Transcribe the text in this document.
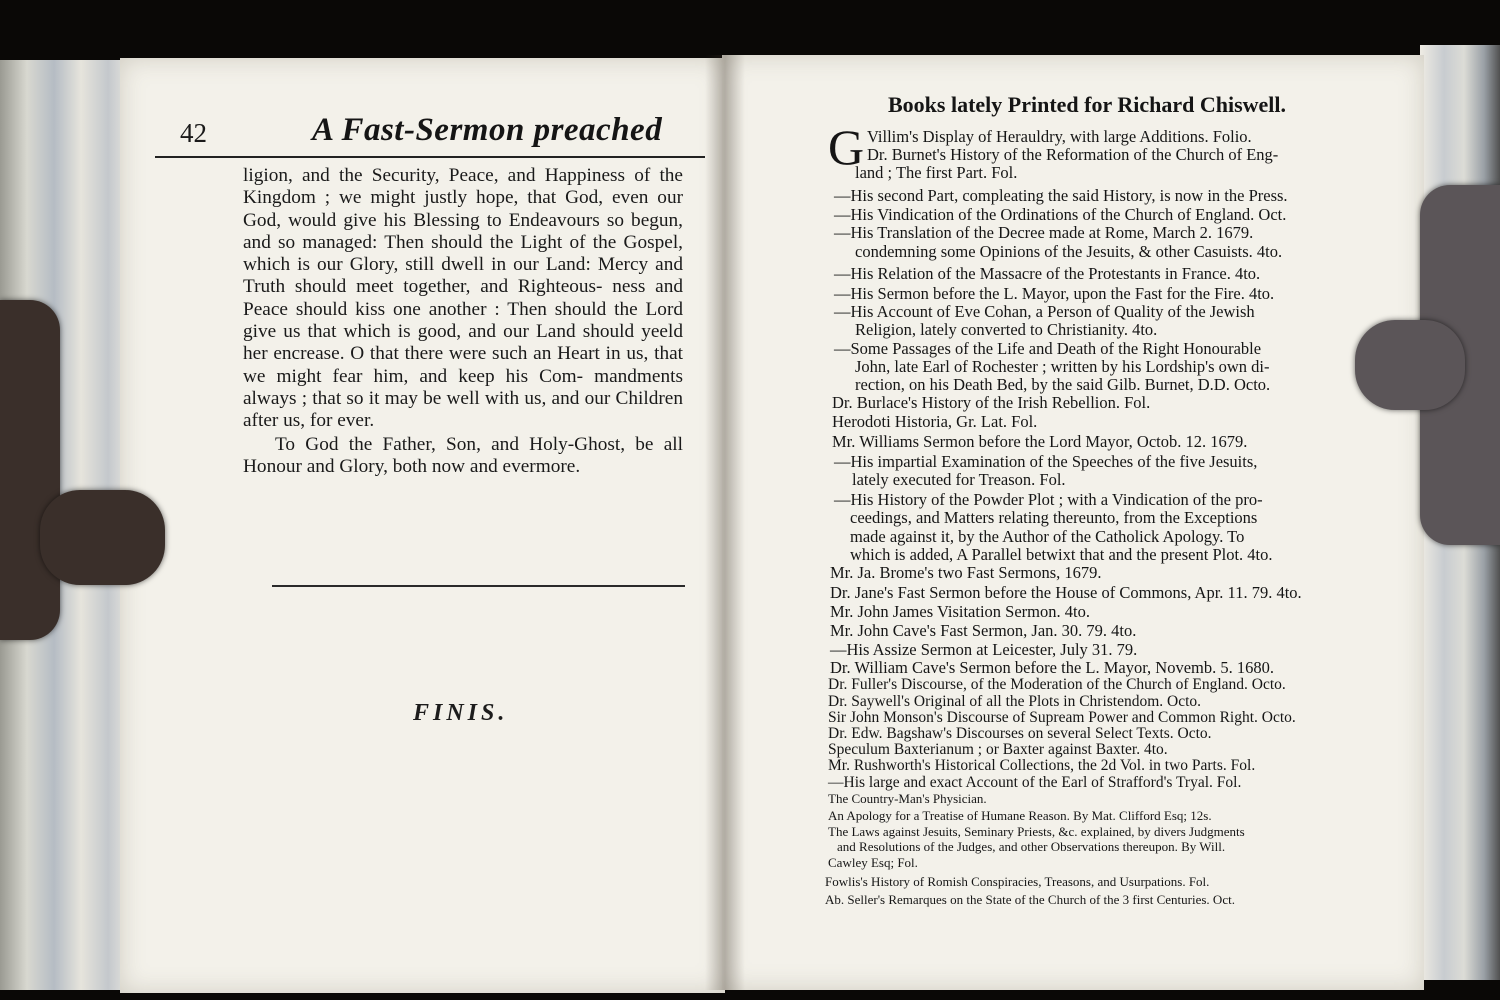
42	A Fast-Sermon preached

ligion, and the Security, Peace, and Happiness of the Kingdom ; we might justly hope, that God, even our God, would give his Blessing to Endeavours so begun, and so managed: Then should the Light of the Gospel, which is our Glory, still dwell in our Land: Mercy and Truth should meet together, and Righteous- ness and Peace should kiss one another : Then should the Lord give us that which is good, and our Land should yeeld her encrease. O that there were such an Heart in us, that we might fear him, and keep his Com- mandments always ; that so it may be well with us, and our Children after us, for ever.

To God the Father, Son, and Holy-Ghost, be all Honour and Glory, both now and evermore.

FINIS.
Books lately Printed for Richard Chiswell.
G Villim's Display of Herauldry, with large Additions. Folio.
Dr. Burnet's History of the Reformation of the Church of Eng-
land ; The first Part. Fol.
—His second Part, compleating the said History, is now in the Press.
—His Vindication of the Ordinations of the Church of England. Oct.
—His Translation of the Decree made at Rome, March 2. 1679.
condemning some Opinions of the Jesuits, & other Casuists. 4to.
—His Relation of the Massacre of the Protestants in France. 4to.
—His Sermon before the L. Mayor, upon the Fast for the Fire. 4to.
—His Account of Eve Cohan, a Person of Quality of the Jewish
Religion, lately converted to Christianity. 4to.
—Some Passages of the Life and Death of the Right Honourable
John, late Earl of Rochester ; written by his Lordship's own di-
rection, on his Death Bed, by the said Gilb. Burnet, D.D. Octo.
Dr. Burlace's History of the Irish Rebellion. Fol.
Herodoti Historia, Gr. Lat. Fol.
Mr. Williams Sermon before the Lord Mayor, Octob. 12. 1679.
—His impartial Examination of the Speeches of the five Jesuits,
lately executed for Treason. Fol.
—His History of the Powder Plot ; with a Vindication of the pro-
ceedings, and Matters relating thereunto, from the Exceptions
made against it, by the Author of the Catholick Apology. To
which is added, A Parallel betwixt that and the present Plot. 4to.
Mr. Ja. Brome's two Fast Sermons, 1679.
Dr. Jane's Fast Sermon before the House of Commons, Apr. 11. 79. 4to.
Mr. John James Visitation Sermon. 4to.
Mr. John Cave's Fast Sermon, Jan. 30. 79. 4to.
—His Assize Sermon at Leicester, July 31. 79.
Dr. William Cave's Sermon before the L. Mayor, Novemb. 5. 1680.
Dr. Fuller's Discourse, of the Moderation of the Church of England. Octo.
Dr. Saywell's Original of all the Plots in Christendom. Octo.
Sir John Monson's Discourse of Supream Power and Common Right. Octo.
Dr. Edw. Bagshaw's Discourses on several Select Texts. Octo.
Speculum Baxterianum ; or Baxter against Baxter. 4to.
Mr. Rushworth's Historical Collections, the 2d Vol. in two Parts. Fol.
—His large and exact Account of the Earl of Strafford's Tryal. Fol.
The Country-Man's Physician.
An Apology for a Treatise of Humane Reason. By Mat. Clifford Esq; 12s.
The Laws against Jesuits, Seminary Priests, &c. explained, by divers Judgments
and Resolutions of the Judges, and other Observations thereupon. By Will.
Cawley Esq; Fol.
Fowlis's History of Romish Conspiracies, Treasons, and Usurpations. Fol.
Ab. Seller's Remarques on the State of the Church of the 3 first Centuries. Oct.
